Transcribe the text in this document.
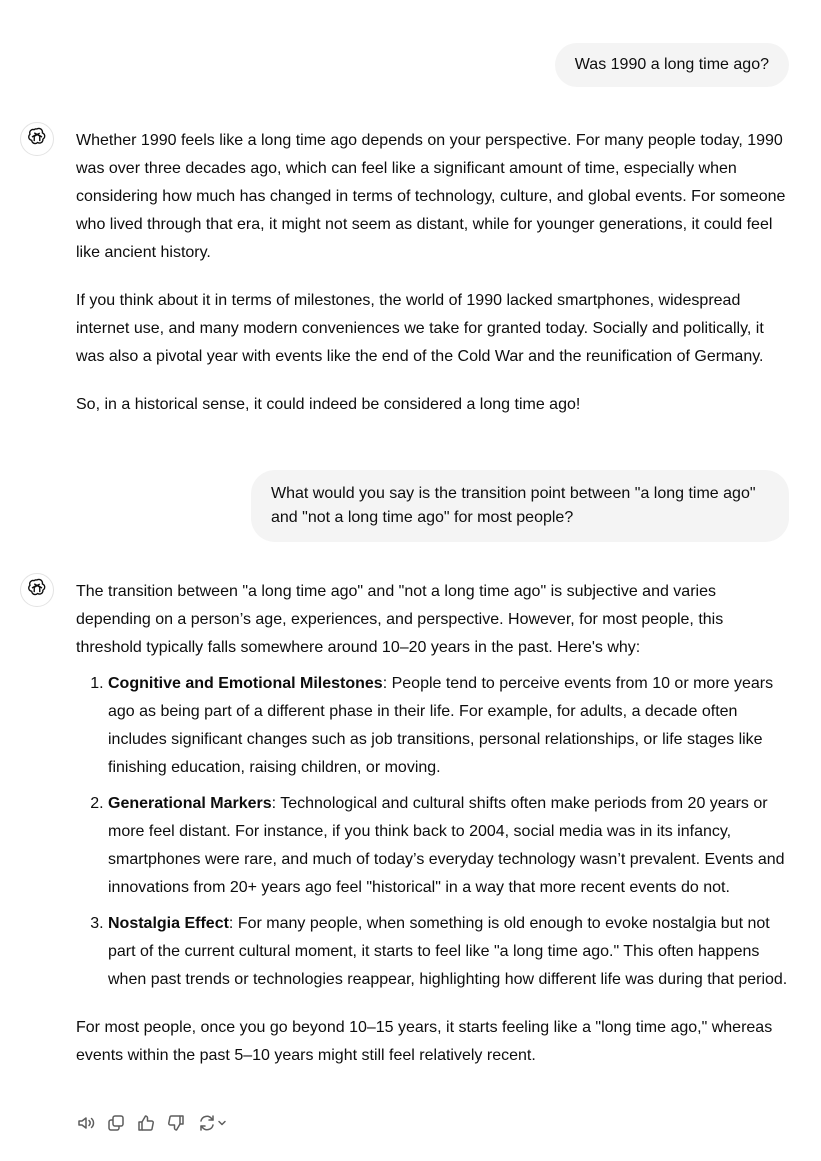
Was 1990 a long time ago?

Whether 1990 feels like a long time ago depends on your perspective. For many people today, 1990 was over three decades ago, which can feel like a significant amount of time, especially when considering how much has changed in terms of technology, culture, and global events. For someone who lived through that era, it might not seem as distant, while for younger generations, it could feel like ancient history.

If you think about it in terms of milestones, the world of 1990 lacked smartphones, widespread internet use, and many modern conveniences we take for granted today. Socially and politically, it was also a pivotal year with events like the end of the Cold War and the reunification of Germany.

So, in a historical sense, it could indeed be considered a long time ago!

What would you say is the transition point between "a long time ago" and "not a long time ago" for most people?

The transition between "a long time ago" and "not a long time ago" is subjective and varies depending on a person’s age, experiences, and perspective. However, for most people, this threshold typically falls somewhere around 10–20 years in the past. Here's why:

1. Cognitive and Emotional Milestones: People tend to perceive events from 10 or more years ago as being part of a different phase in their life. For example, for adults, a decade often includes significant changes such as job transitions, personal relationships, or life stages like finishing education, raising children, or moving.
2. Generational Markers: Technological and cultural shifts often make periods from 20 years or more feel distant. For instance, if you think back to 2004, social media was in its infancy, smartphones were rare, and much of today’s everyday technology wasn’t prevalent. Events and innovations from 20+ years ago feel "historical" in a way that more recent events do not.
3. Nostalgia Effect: For many people, when something is old enough to evoke nostalgia but not part of the current cultural moment, it starts to feel like "a long time ago." This often happens when past trends or technologies reappear, highlighting how different life was during that period.

For most people, once you go beyond 10–15 years, it starts feeling like a "long time ago," whereas events within the past 5–10 years might still feel relatively recent.
